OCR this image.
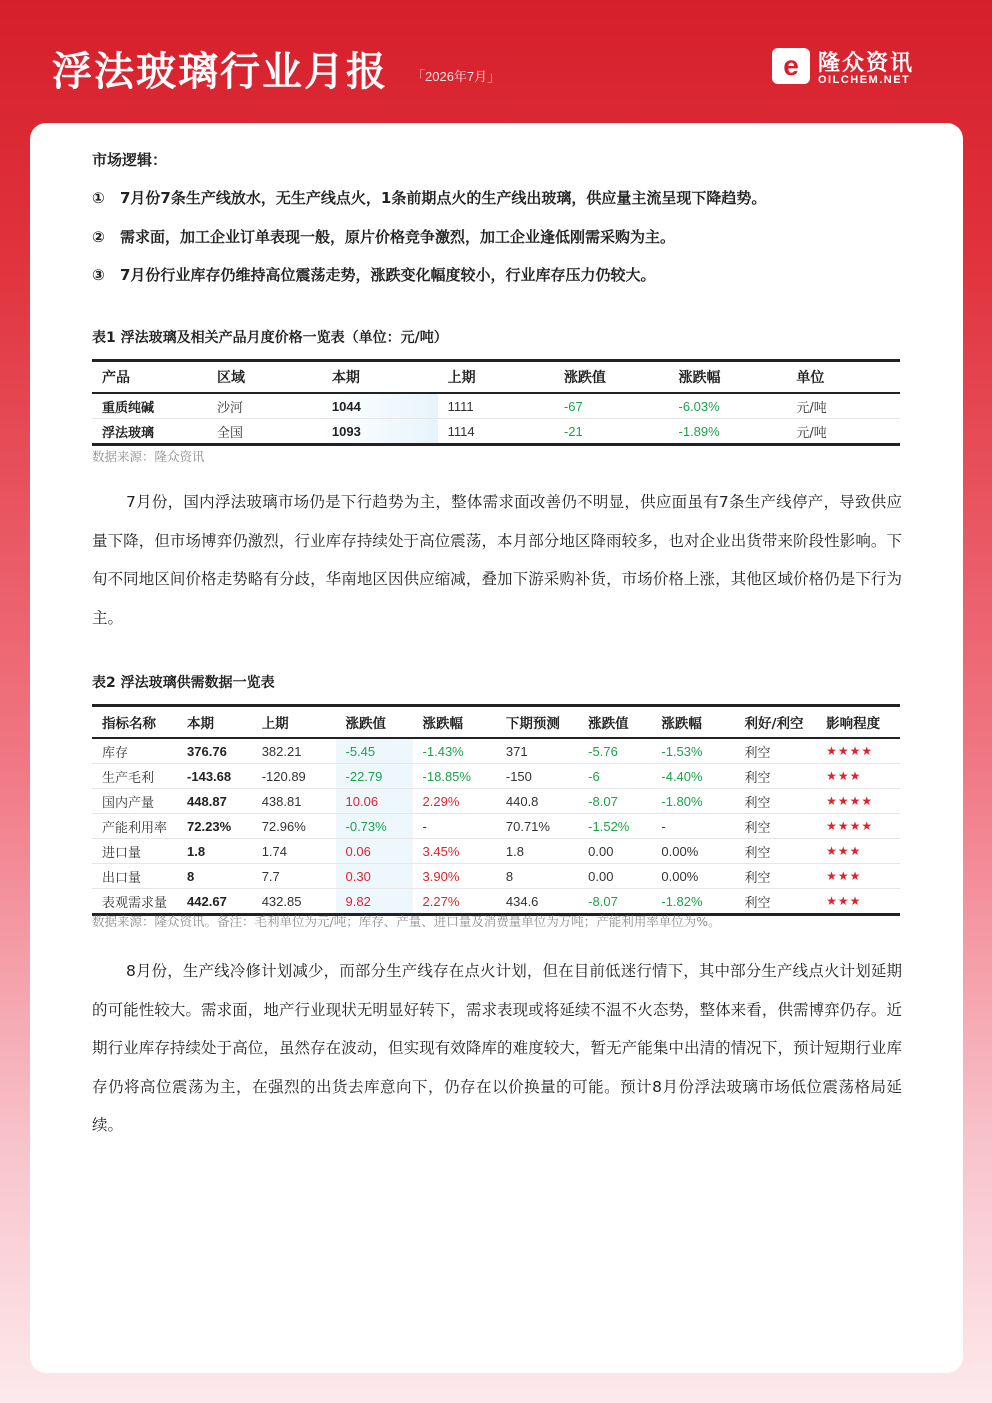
浮法玻璃行业月报 「2026年7月」	e 隆众资讯
OILCHEM.NET
市场逻辑：
① 7月份7条生产线放水，无生产线点火，1条前期点火的生产线出玻璃，供应量主流呈现下降趋势。
② 需求面，加工企业订单表现一般，原片价格竞争激烈，加工企业逢低刚需采购为主。
③ 7月份行业库存仍维持高位震荡走势，涨跌变化幅度较小，行业库存压力仍较大。
表1 浮法玻璃及相关产品月度价格一览表（单位：元/吨）
产品	区域	本期	上期	涨跌值	涨跌幅	单位
重质纯碱	沙河	1044	1111	-67	-6.03%	元/吨
浮法玻璃	全国	1093	1114	-21	-1.89%	元/吨
数据来源：隆众资讯
7月份，国内浮法玻璃市场仍是下行趋势为主，整体需求面改善仍不明显，供应面虽有7条生产线停产，导致供应量下降，但市场博弈仍激烈，行业库存持续处于高位震荡，本月部分地区降雨较多，也对企业出货带来阶段性影响。下旬不同地区间价格走势略有分歧，华南地区因供应缩减，叠加下游采购补货，市场价格上涨，其他区域价格仍是下行为主。
表2 浮法玻璃供需数据一览表
指标名称	本期	上期	涨跌值	涨跌幅	下期预测	涨跌值	涨跌幅	利好/利空	影响程度
库存	376.76	382.21	-5.45	-1.43%	371	-5.76	-1.53%	利空	★★★★
生产毛利	-143.68	-120.89	-22.79	-18.85%	-150	-6	-4.40%	利空	★★★
国内产量	448.87	438.81	10.06	2.29%	440.8	-8.07	-1.80%	利空	★★★★
产能利用率	72.23%	72.96%	-0.73%	-	70.71%	-1.52%	-	利空	★★★★
进口量	1.8	1.74	0.06	3.45%	1.8	0.00	0.00%	利空	★★★
出口量	8	7.7	0.30	3.90%	8	0.00	0.00%	利空	★★★
表观需求量	442.67	432.85	9.82	2.27%	434.6	-8.07	-1.82%	利空	★★★
数据来源：隆众资讯。备注：毛利单位为元/吨；库存、产量、进口量及消费量单位为万吨；产能利用率单位为%。
8月份，生产线冷修计划减少，而部分生产线存在点火计划，但在目前低迷行情下，其中部分生产线点火计划延期的可能性较大。需求面，地产行业现状无明显好转下，需求表现或将延续不温不火态势，整体来看，供需博弈仍存。近期行业库存持续处于高位，虽然存在波动，但实现有效降库的难度较大，暂无产能集中出清的情况下，预计短期行业库存仍将高位震荡为主，在强烈的出货去库意向下，仍存在以价换量的可能。预计8月份浮法玻璃市场低位震荡格局延续。
